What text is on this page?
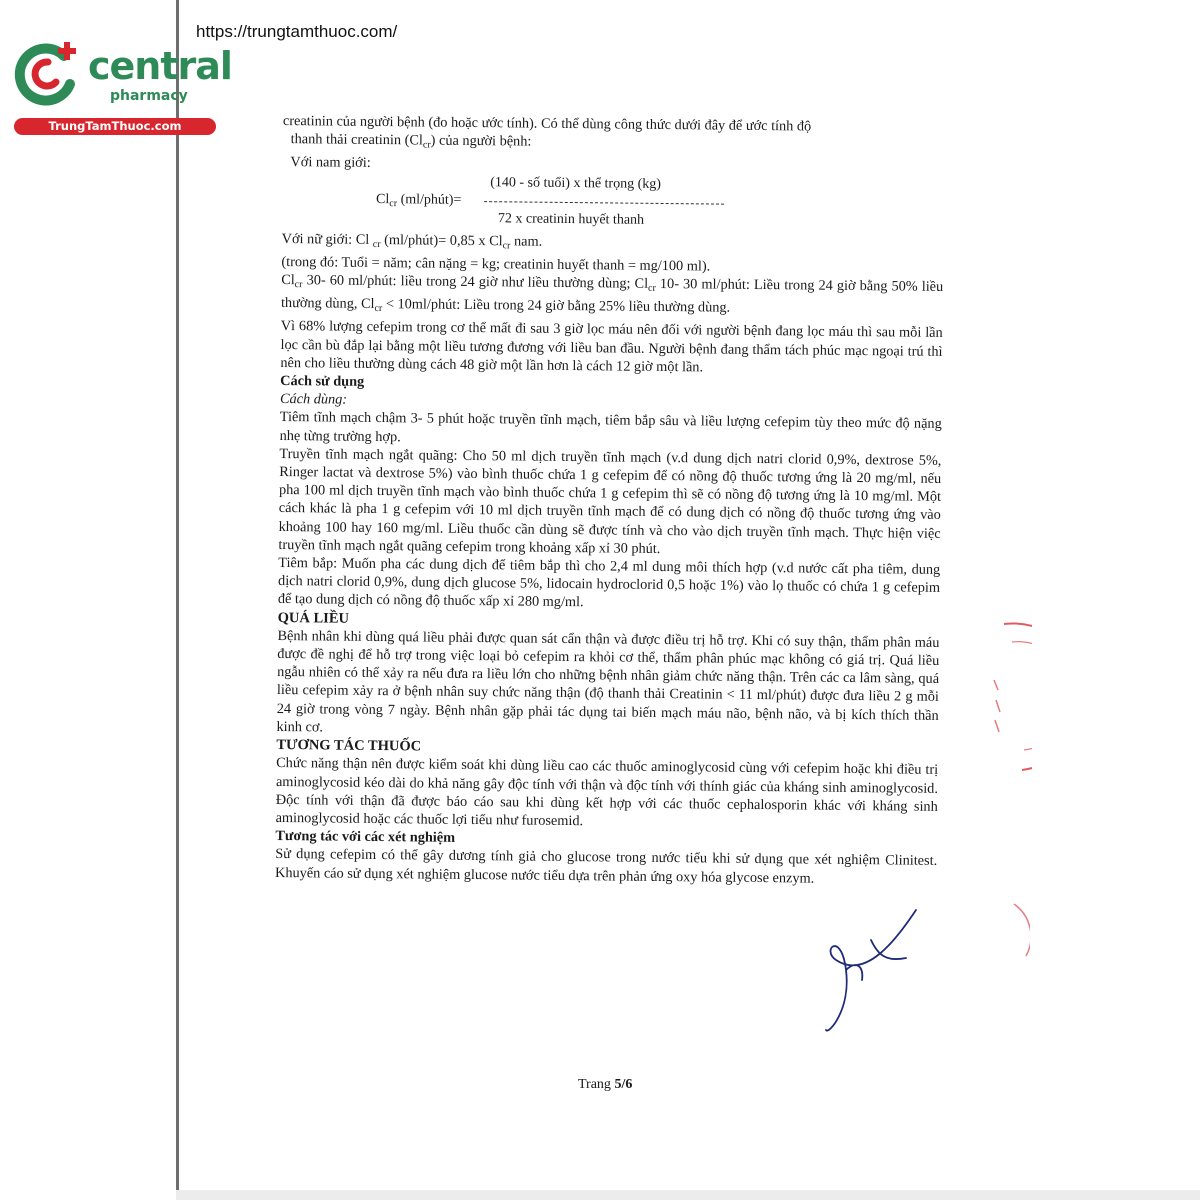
central
pharmacy
TrungTamThuoc.com
https://trungtamthuoc.com/

creatinin của người bệnh (đo hoặc ước tính). Có thể dùng công thức dưới đây để ước tính độ

thanh thải creatinin $(Cl_{cr})$ của người bệnh:

Với nam giới:

(140 - số tuổi) x thể trọng (kg)
$Cl_{cr}$ (ml/phút)=
72 x creatinin huyết thanh

Với nữ giới: Cl $_{cr}$ (ml/phút)= 0,85 x $Cl_{cr}$ nam.

(trong đó: Tuổi = năm; cân nặng = kg; creatinin huyết thanh = mg/100 ml).

$Cl_{cr}$ 30- 60 ml/phút: liều trong 24 giờ như liều thường dùng; $Cl_{cr}$ 10- 30 ml/phút: Liều trong 24 giờ bằng 50% liều thường dùng, $Cl_{cr}$ < 10ml/phút: Liều trong 24 giờ bằng 25% liều thường dùng.

Vì 68% lượng cefepim trong cơ thể mất đi sau 3 giờ lọc máu nên đối với người bệnh đang lọc máu thì sau mỗi lần lọc cần bù đắp lại bằng một liều tương đương với liều ban đầu. Người bệnh đang thẩm tách phúc mạc ngoại trú thì nên cho liều thường dùng cách 48 giờ một lần hơn là cách 12 giờ một lần.

Cách sử dụng

Cách dùng:

Tiêm tĩnh mạch chậm 3- 5 phút hoặc truyền tĩnh mạch, tiêm bắp sâu và liều lượng cefepim tùy theo mức độ nặng nhẹ từng trường hợp.

Truyền tĩnh mạch ngắt quãng: Cho 50 ml dịch truyền tĩnh mạch (v.d dung dịch natri clorid 0,9%, dextrose 5%, Ringer lactat và dextrose 5%) vào bình thuốc chứa 1 g cefepim để có nồng độ thuốc tương ứng là 20 mg/ml, nếu pha 100 ml dịch truyền tĩnh mạch vào bình thuốc chứa 1 g cefepim thì sẽ có nồng độ tương ứng là 10 mg/ml. Một cách khác là pha 1 g cefepim với 10 ml dịch truyền tĩnh mạch để có dung dịch có nồng độ thuốc tương ứng vào khoảng 100 hay 160 mg/ml. Liều thuốc cần dùng sẽ được tính và cho vào dịch truyền tĩnh mạch. Thực hiện việc truyền tĩnh mạch ngắt quãng cefepim trong khoảng xấp xỉ 30 phút.

Tiêm bắp: Muốn pha các dung dịch để tiêm bắp thì cho 2,4 ml dung môi thích hợp (v.d nước cất pha tiêm, dung dịch natri clorid 0,9%, dung dịch glucose 5%, lidocain hydroclorid 0,5 hoặc 1%) vào lọ thuốc có chứa 1 g cefepim để tạo dung dịch có nồng độ thuốc xấp xỉ 280 mg/ml.

QUÁ LIỀU

Bệnh nhân khi dùng quá liều phải được quan sát cẩn thận và được điều trị hỗ trợ. Khi có suy thận, thẩm phân máu được đề nghị để hỗ trợ trong việc loại bỏ cefepim ra khỏi cơ thể, thẩm phân phúc mạc không có giá trị. Quá liều ngẫu nhiên có thể xảy ra nếu đưa ra liều lớn cho những bệnh nhân giảm chức năng thận. Trên các ca lâm sàng, quá liều cefepim xảy ra ở bệnh nhân suy chức năng thận (độ thanh thải Creatinin < 11 ml/phút) được đưa liều 2 g mỗi 24 giờ trong vòng 7 ngày. Bệnh nhân gặp phải tác dụng tai biến mạch máu não, bệnh não, và bị kích thích thần kinh cơ.

TƯƠNG TÁC THUỐC

Chức năng thận nên được kiểm soát khi dùng liều cao các thuốc aminoglycosid cùng với cefepim hoặc khi điều trị aminoglycosid kéo dài do khả năng gây độc tính với thận và độc tính với thính giác của kháng sinh aminoglycosid. Độc tính với thận đã được báo cáo sau khi dùng kết hợp với các thuốc cephalosporin khác với kháng sinh aminoglycosid hoặc các thuốc lợi tiểu như furosemid.

Tương tác với các xét nghiệm

Sử dụng cefepim có thể gây dương tính giả cho glucose trong nước tiểu khi sử dụng que xét nghiệm Clinitest. Khuyến cáo sử dụng xét nghiệm glucose nước tiểu dựa trên phản ứng oxy hóa glycose enzym.

Trang 5/6
